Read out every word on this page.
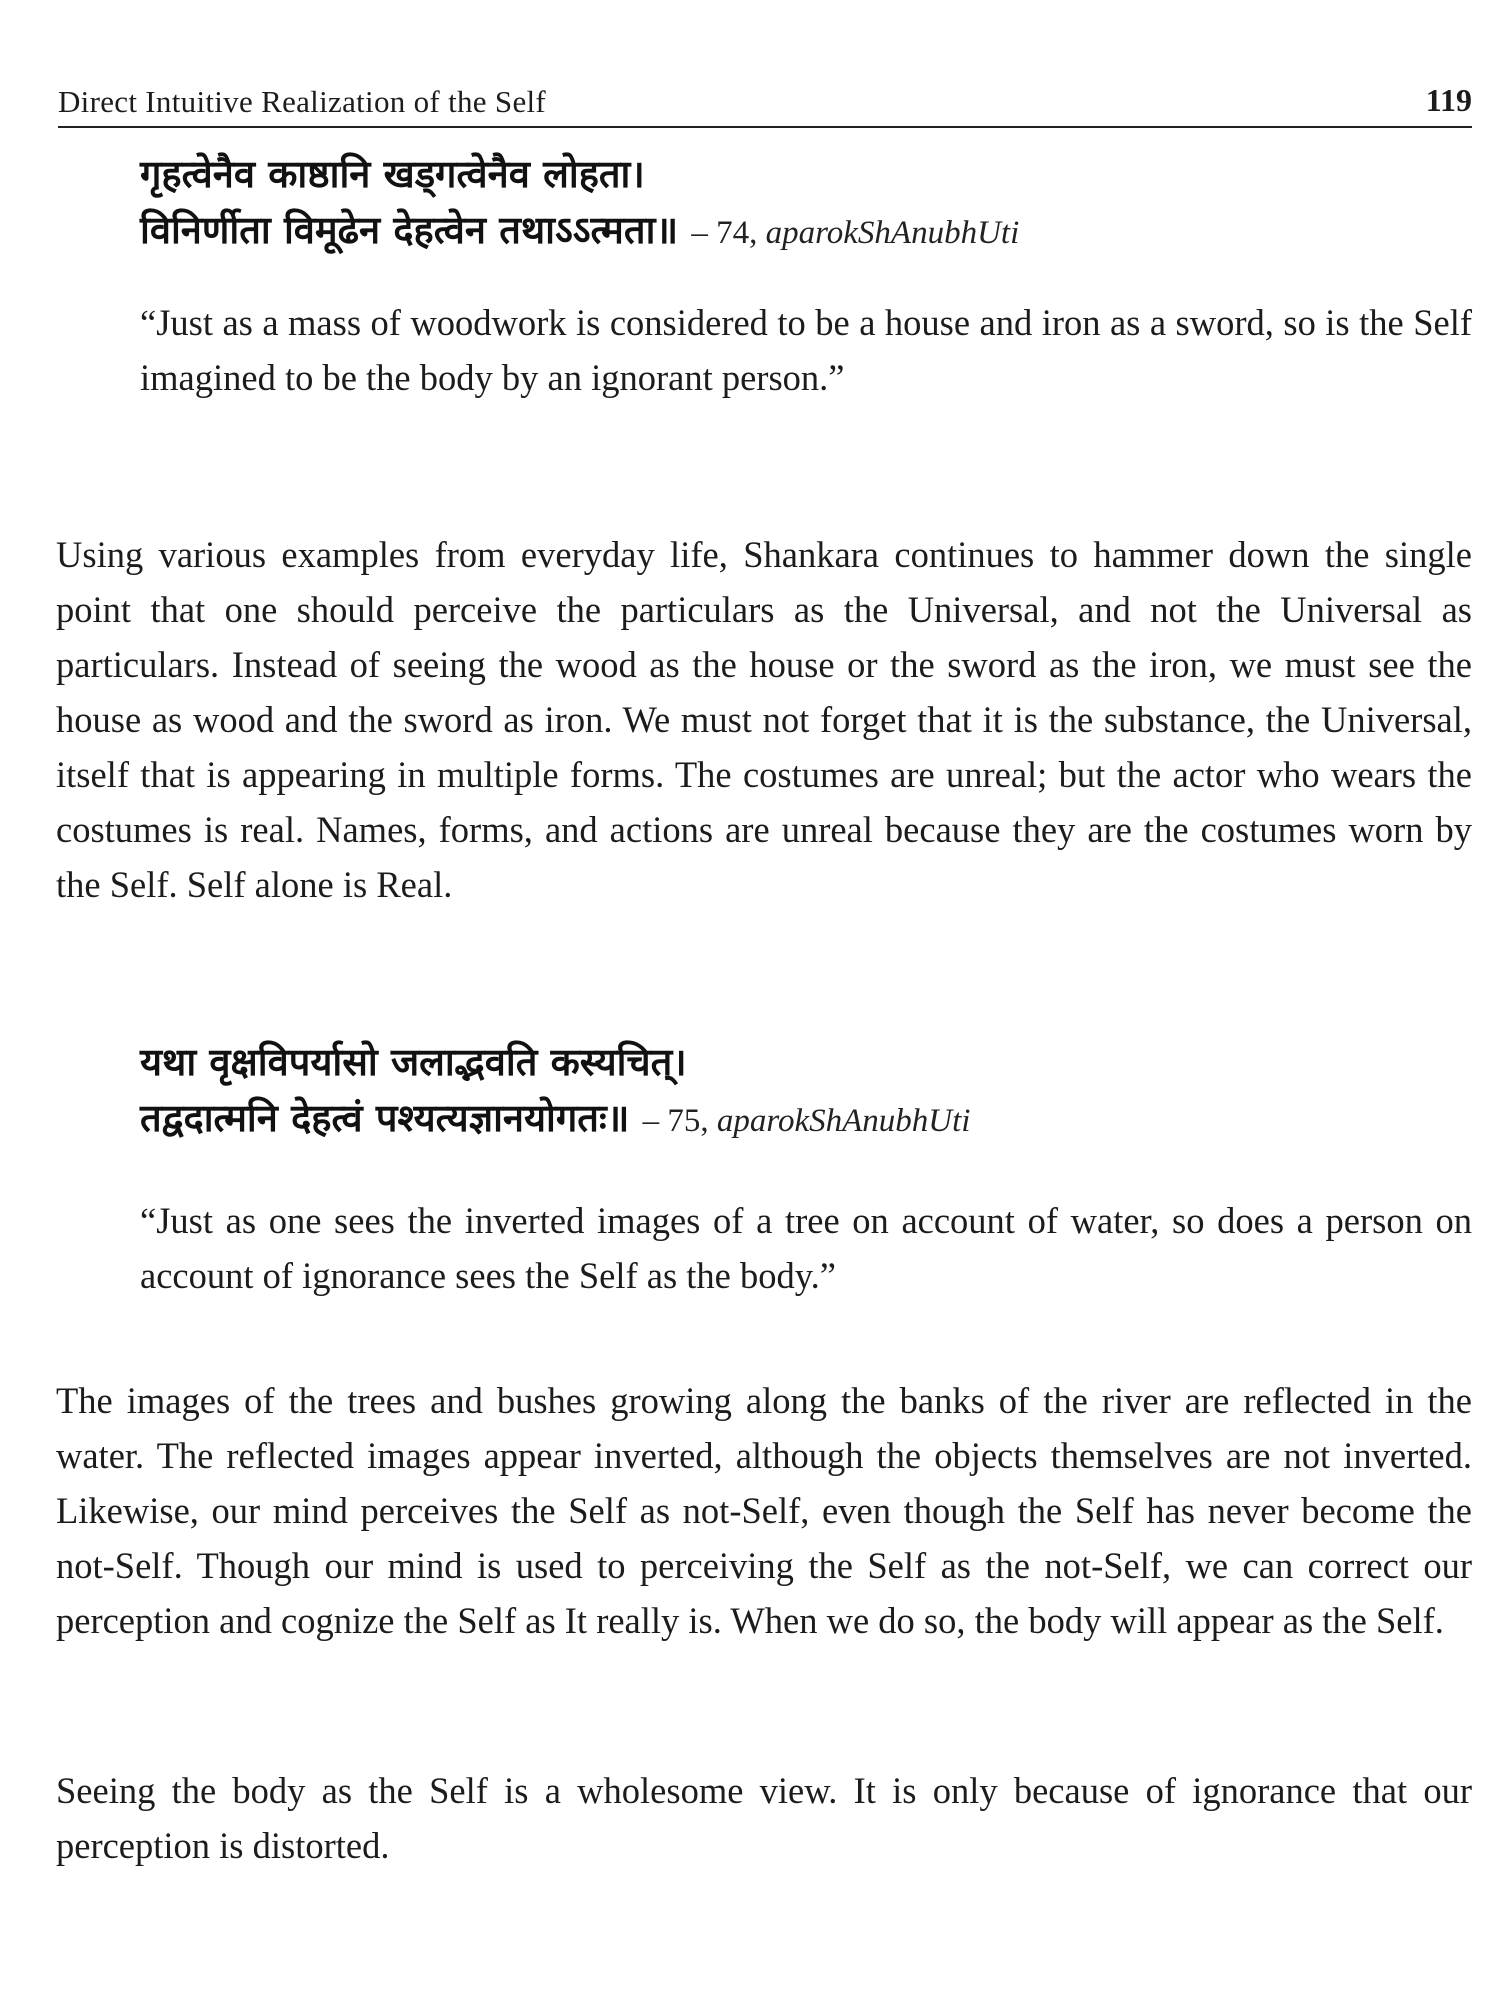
Direct Intuitive Realization of the Self	119
गृहत्वेनैव काष्ठानि खड्गत्वेनैव लोहता।
विनिर्णीता विमूढेन देहत्वेन तथाऽऽत्मता॥ – 74, aparokShAnubhUti
“Just as a mass of woodwork is considered to be a house and iron as a sword, so is the Self imagined to be the body by an ignorant person.”
Using various examples from everyday life, Shankara continues to hammer down the single point that one should perceive the particulars as the Universal, and not the Universal as particulars. Instead of seeing the wood as the house or the sword as the iron, we must see the house as wood and the sword as iron. We must not forget that it is the substance, the Universal, itself that is appearing in multiple forms. The costumes are unreal; but the actor who wears the costumes is real. Names, forms, and actions are unreal because they are the costumes worn by the Self. Self alone is Real.
यथा वृक्षविपर्यासो जलाद्भवति कस्यचित्।
तद्वदात्मनि देहत्वं पश्यत्यज्ञानयोगतः॥ – 75, aparokShAnubhUti
“Just as one sees the inverted images of a tree on account of water, so does a person on account of ignorance sees the Self as the body.”
The images of the trees and bushes growing along the banks of the river are reflected in the water. The reflected images appear inverted, although the objects themselves are not inverted. Likewise, our mind perceives the Self as not-Self, even though the Self has never become the not-Self. Though our mind is used to perceiving the Self as the not-Self, we can correct our perception and cognize the Self as It really is. When we do so, the body will appear as the Self.
Seeing the body as the Self is a wholesome view. It is only because of ignorance that our perception is distorted.
